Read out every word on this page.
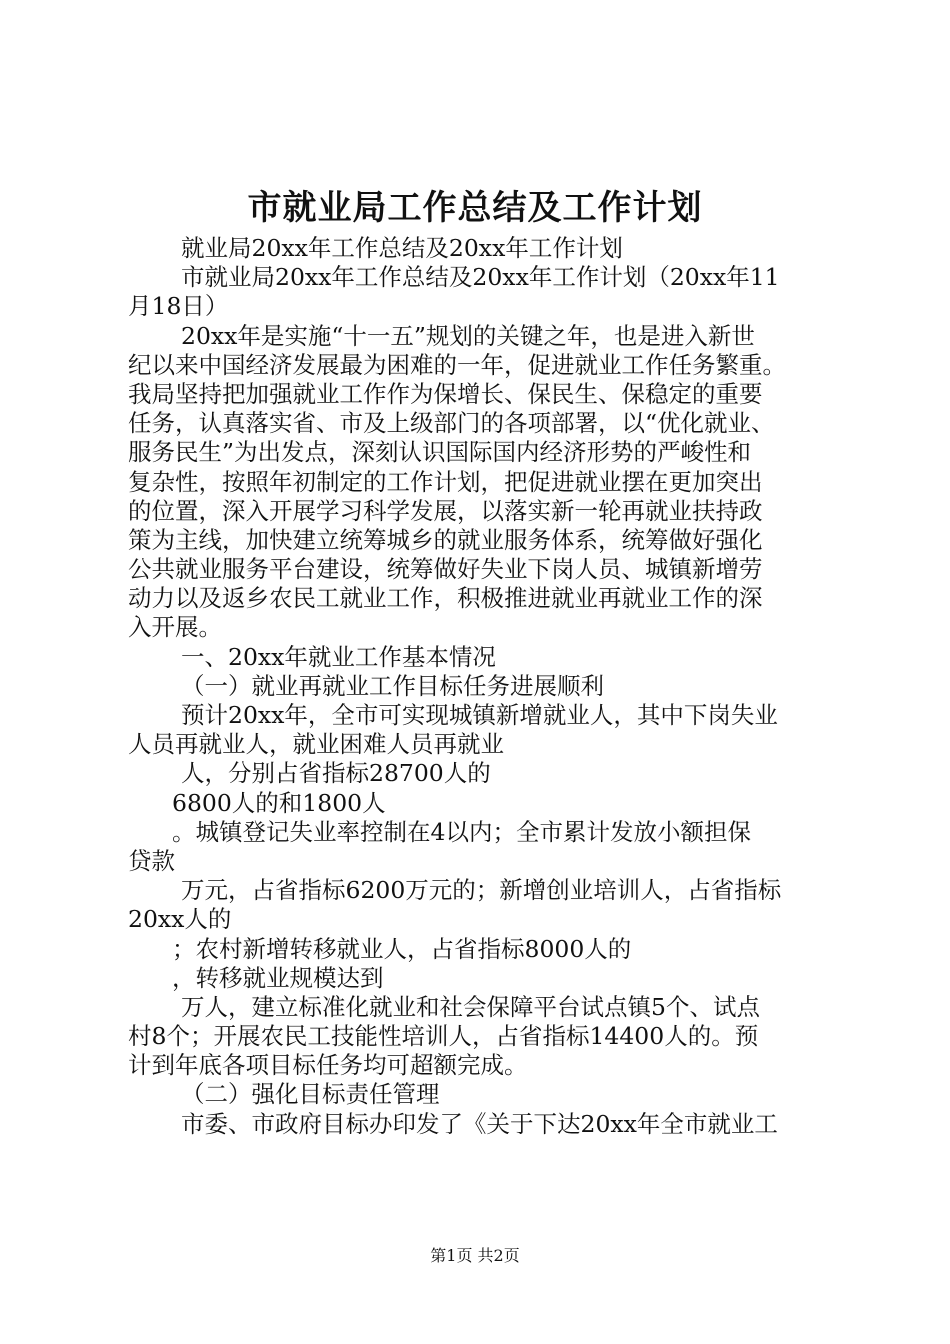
市就业局工作总结及工作计划
就业局20xx年工作总结及20xx年工作计划
市就业局20xx年工作总结及20xx年工作计划（20xx年11
月18日）
20xx年是实施“十一五”规划的关键之年，也是进入新世
纪以来中国经济发展最为困难的一年，促进就业工作任务繁重。
我局坚持把加强就业工作作为保增长、保民生、保稳定的重要
任务，认真落实省、市及上级部门的各项部署，以“优化就业、
服务民生”为出发点，深刻认识国际国内经济形势的严峻性和
复杂性，按照年初制定的工作计划，把促进就业摆在更加突出
的位置，深入开展学习科学发展，以落实新一轮再就业扶持政
策为主线，加快建立统筹城乡的就业服务体系，统筹做好强化
公共就业服务平台建设，统筹做好失业下岗人员、城镇新增劳
动力以及返乡农民工就业工作，积极推进就业再就业工作的深
入开展。
一、20xx年就业工作基本情况
（一）就业再就业工作目标任务进展顺利
预计20xx年，全市可实现城镇新增就业人，其中下岗失业
人员再就业人，就业困难人员再就业
人，分别占省指标28700人的
6800人的和1800人
。城镇登记失业率控制在4以内；全市累计发放小额担保
贷款
万元，占省指标6200万元的；新增创业培训人，占省指标
20xx人的
；农村新增转移就业人，占省指标8000人的
，转移就业规模达到
万人，建立标准化就业和社会保障平台试点镇5个、试点
村8个；开展农民工技能性培训人，占省指标14400人的。预
计到年底各项目标任务均可超额完成。
（二）强化目标责任管理
市委、市政府目标办印发了《关于下达20xx年全市就业工
第1页 共2页
